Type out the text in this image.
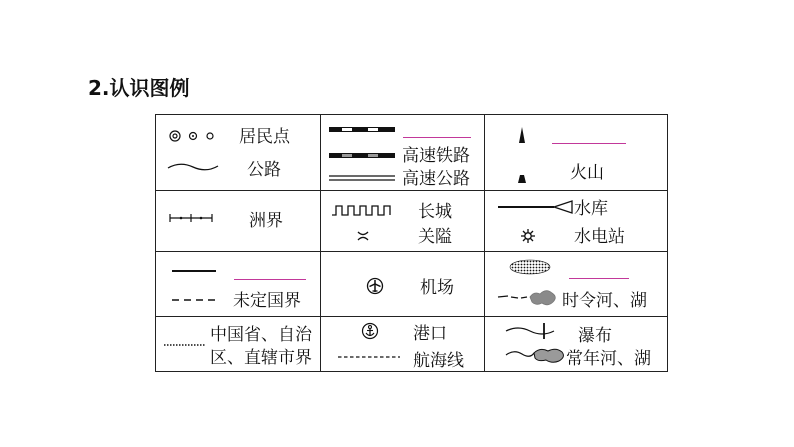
2.认识图例
居民点
公路
高速铁路
高速公路	火山
洲界	长城
关隘
水库
水电站
未定国界
机场
时令河、湖
中国省、自治
区、直辖市界
港口
航海线
瀑布
常年河、湖
